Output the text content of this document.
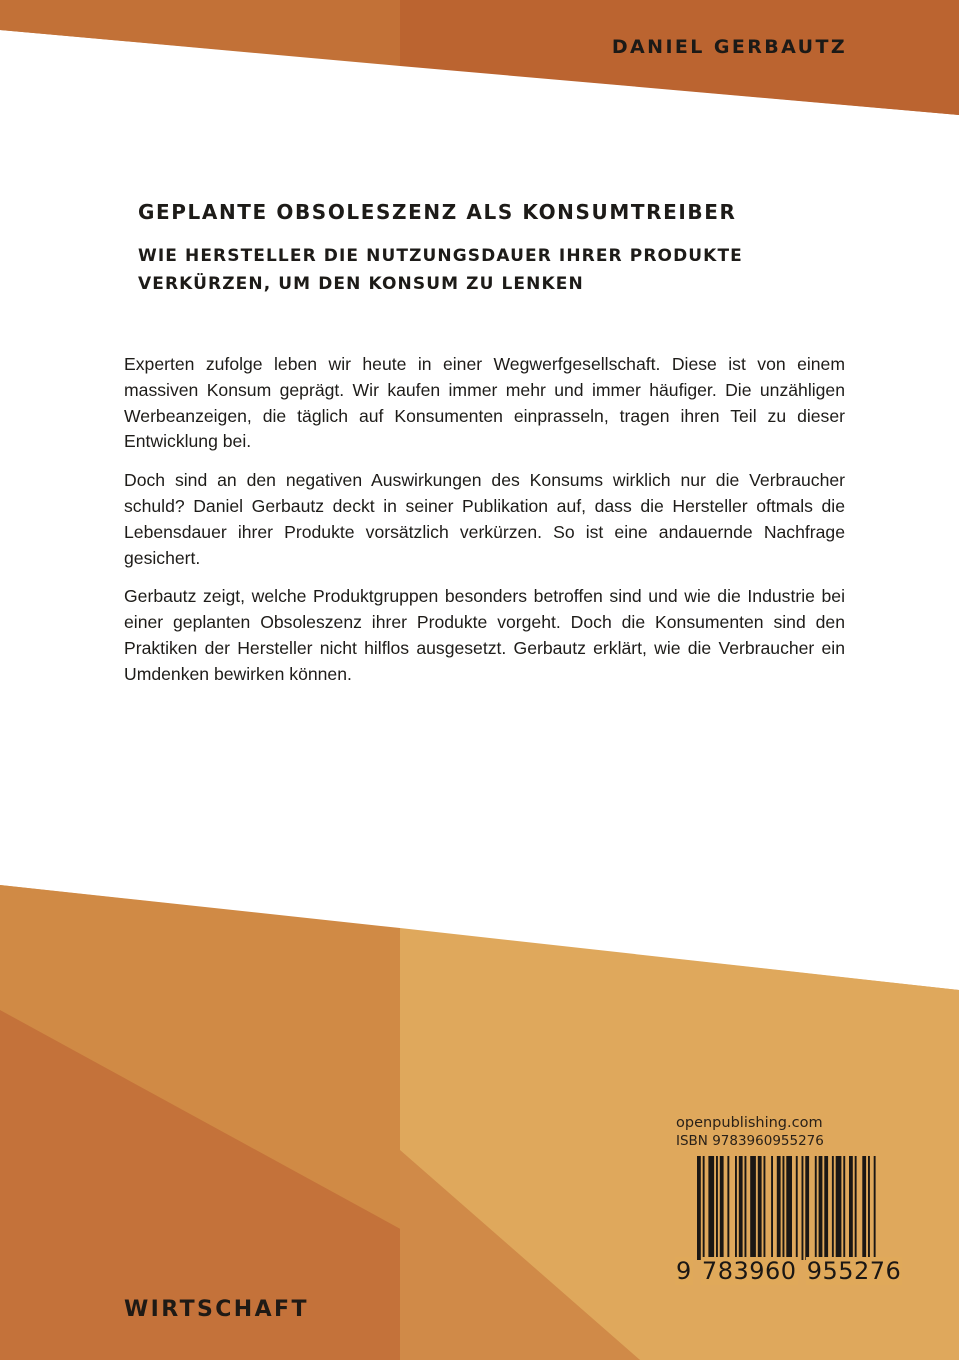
DANIEL GERBAUTZ
GEPLANTE OBSOLESZENZ ALS KONSUMTREIBER
WIE HERSTELLER DIE NUTZUNGSDAUER IHRER PRODUKTE
VERKÜRZEN, UM DEN KONSUM ZU LENKEN

Experten zufolge leben wir heute in einer Wegwerfgesellschaft. Diese ist von einem massiven Konsum geprägt. Wir kaufen immer mehr und immer häufiger. Die unzähligen Werbeanzeigen, die täglich auf Konsumenten einprasseln, tragen ihren Teil zu dieser Entwicklung bei.

Doch sind an den negativen Auswirkungen des Konsums wirklich nur die Verbraucher schuld? Daniel Gerbautz deckt in seiner Publikation auf, dass die Hersteller oftmals die Lebensdauer ihrer Produkte vorsätzlich verkürzen. So ist eine andauernde Nachfrage gesichert.

Gerbautz zeigt, welche Produktgruppen besonders betroffen sind und wie die Industrie bei einer geplanten Obsoleszenz ihrer Produkte vorgeht. Doch die Konsumenten sind den Praktiken der Hersteller nicht hilflos ausgesetzt. Gerbautz erklärt, wie die Verbraucher ein Umdenken bewirken können.

openpublishing.com
ISBN 9783960955276
9 783960 955276
WIRTSCHAFT
